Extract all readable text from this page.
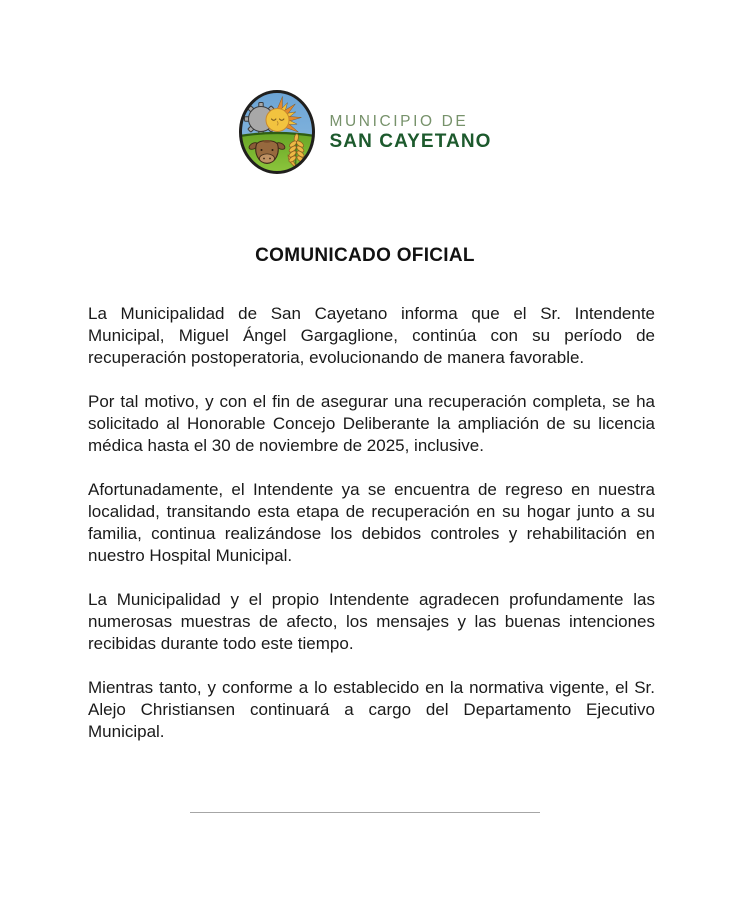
MUNICIPIO DE
SAN CAYETANO
COMUNICADO OFICIAL

La Municipalidad de San Cayetano informa que el Sr. Intendente Municipal, Miguel Ángel Gargaglione, continúa con su período de recuperación postoperatoria, evolucionando de manera favorable.

Por tal motivo, y con el fin de asegurar una recuperación completa, se ha solicitado al Honorable Concejo Deliberante la ampliación de su licencia médica hasta el 30 de noviembre de 2025, inclusive.

Afortunadamente, el Intendente ya se encuentra de regreso en nuestra localidad, transitando esta etapa de recuperación en su hogar junto a su familia, continua realizándose los debidos controles y rehabilitación en nuestro Hospital Municipal.

La Municipalidad y el propio Intendente agradecen profundamente las numerosas muestras de afecto, los mensajes y las buenas intenciones recibidas durante todo este tiempo.

Mientras tanto, y conforme a lo establecido en la normativa vigente, el Sr. Alejo Christiansen continuará a cargo del Departamento Ejecutivo Municipal.
